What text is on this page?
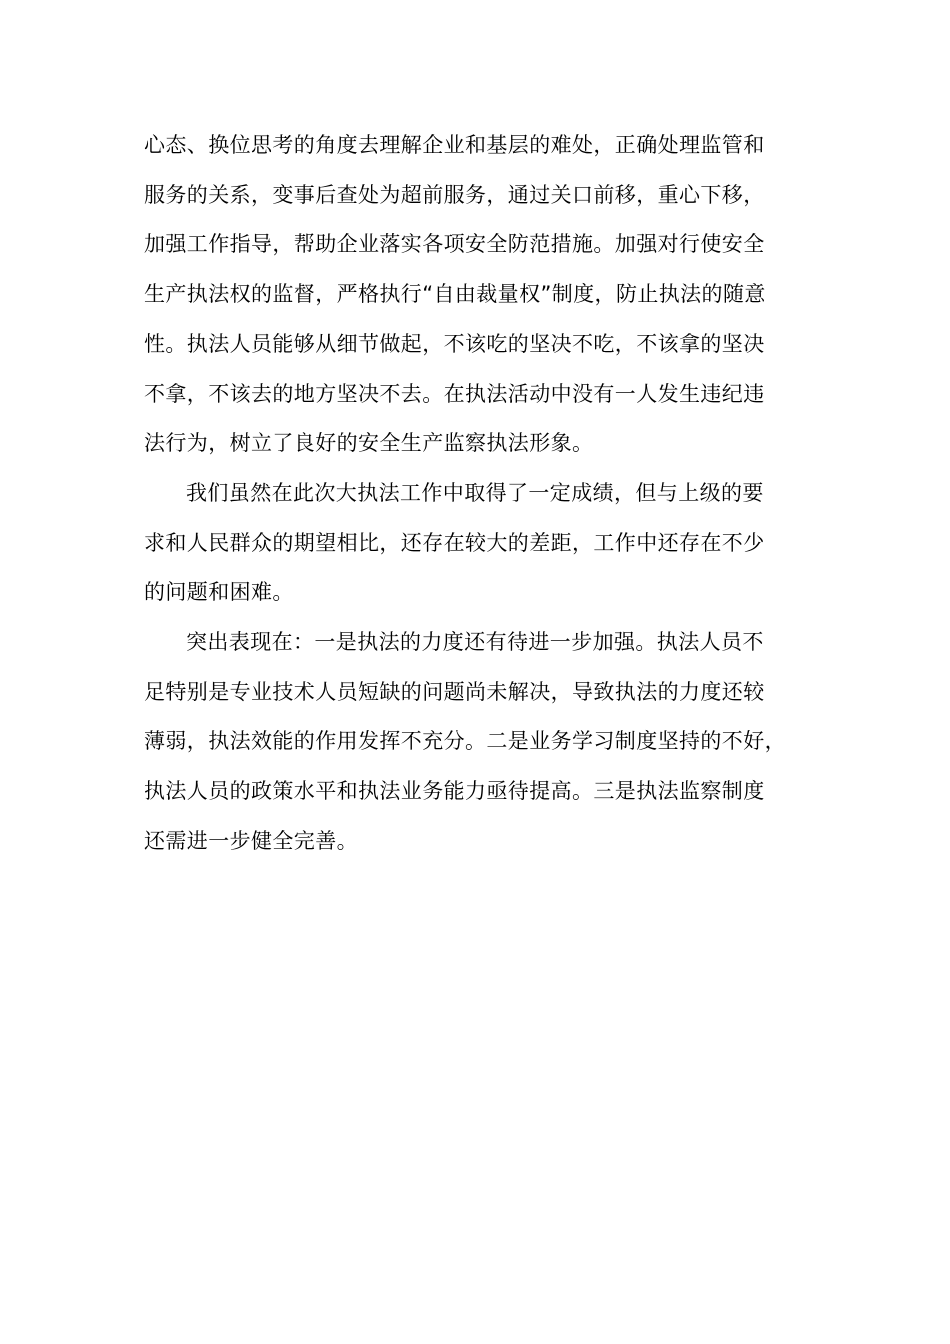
心态、换位思考的角度去理解企业和基层的难处，正确处理监管和
服务的关系，变事后查处为超前服务，通过关口前移，重心下移，
加强工作指导，帮助企业落实各项安全防范措施。加强对行使安全
生产执法权的监督，严格执行“自由裁量权”制度，防止执法的随意
性。执法人员能够从细节做起，不该吃的坚决不吃，不该拿的坚决
不拿，不该去的地方坚决不去。在执法活动中没有一人发生违纪违
法行为，树立了良好的安全生产监察执法形象。

我们虽然在此次大执法工作中取得了一定成绩，但与上级的要
求和人民群众的期望相比，还存在较大的差距，工作中还存在不少
的问题和困难。

突出表现在：一是执法的力度还有待进一步加强。执法人员不
足特别是专业技术人员短缺的问题尚未解决，导致执法的力度还较
薄弱，执法效能的作用发挥不充分。二是业务学习制度坚持的不好，
执法人员的政策水平和执法业务能力亟待提高。三是执法监察制度
还需进一步健全完善。
